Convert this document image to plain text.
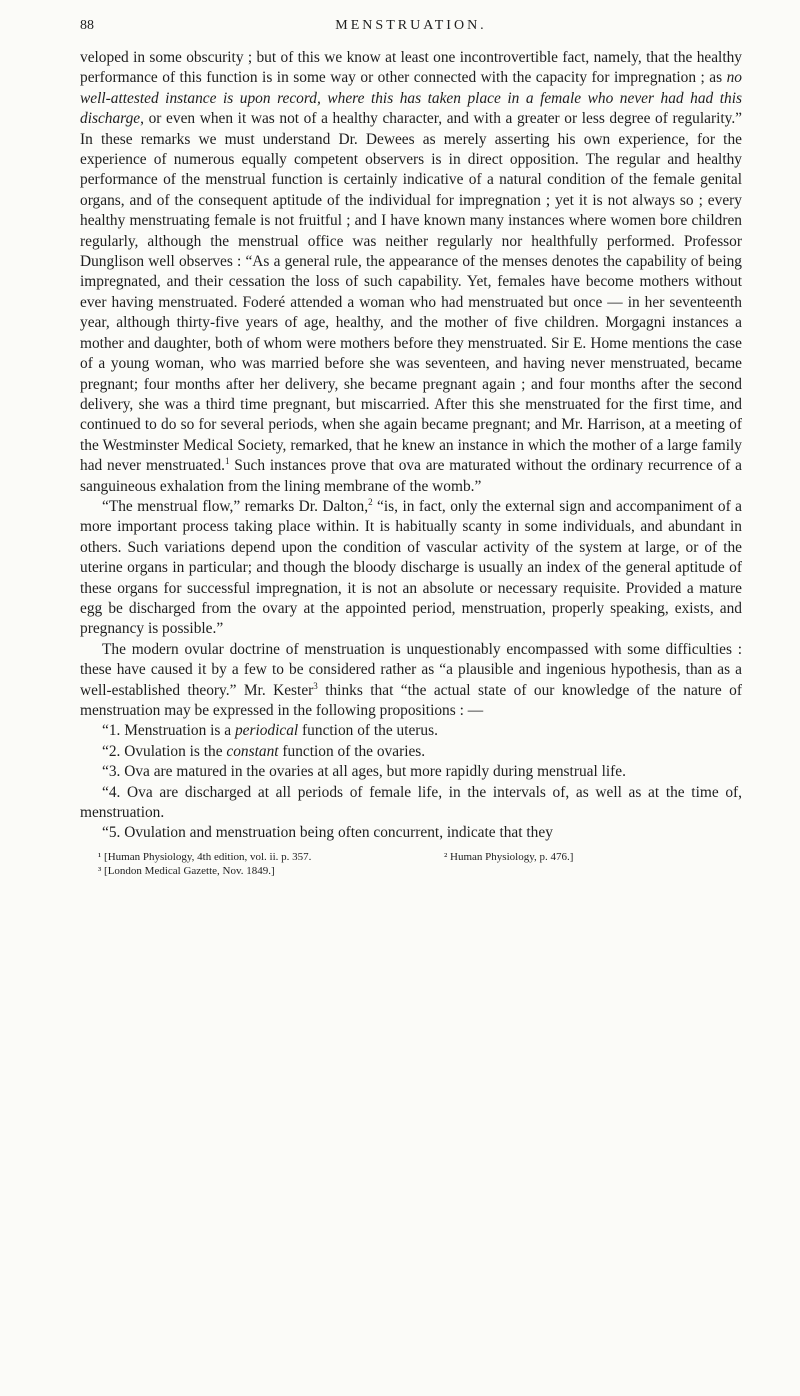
88	MENSTRUATION.

veloped in some obscurity ; but of this we know at least one incontrovertible fact, namely, that the healthy performance of this function is in some way or other connected with the capacity for impregnation ; as no well-attested instance is upon record, where this has taken place in a female who never had had this discharge, or even when it was not of a healthy character, and with a greater or less degree of regularity.” In these remarks we must understand Dr. Dewees as merely asserting his own experience, for the experience of numerous equally competent observers is in direct opposition. The regular and healthy performance of the menstrual function is certainly indicative of a natural condition of the female genital organs, and of the consequent aptitude of the individual for impregnation ; yet it is not always so ; every healthy menstruating female is not fruitful ; and I have known many instances where women bore children regularly, although the menstrual office was neither regularly nor healthfully performed. Professor Dunglison well observes : “As a general rule, the appearance of the menses denotes the capability of being impregnated, and their cessation the loss of such capability. Yet, females have become mothers without ever having menstruated. Foderé attended a woman who had menstruated but once — in her seventeenth year, although thirty-five years of age, healthy, and the mother of five children. Morgagni instances a mother and daughter, both of whom were mothers before they menstruated. Sir E. Home mentions the case of a young woman, who was married before she was seventeen, and having never menstruated, became pregnant; four months after her delivery, she became pregnant again ; and four months after the second delivery, she was a third time pregnant, but miscarried. After this she menstruated for the first time, and continued to do so for several periods, when she again became pregnant; and Mr. Harrison, at a meeting of the Westminster Medical Society, remarked, that he knew an instance in which the mother of a large family had never menstruated.$^1$ Such instances prove that ova are maturated without the ordinary recurrence of a sanguineous exhalation from the lining membrane of the womb.”

“The menstrual flow,” remarks Dr. Dalton,$^2$ “is, in fact, only the external sign and accompaniment of a more important process taking place within. It is habitually scanty in some individuals, and abundant in others. Such variations depend upon the condition of vascular activity of the system at large, or of the uterine organs in particular; and though the bloody discharge is usually an index of the general aptitude of these organs for successful impregnation, it is not an absolute or necessary requisite. Provided a mature egg be discharged from the ovary at the appointed period, menstruation, properly speaking, exists, and pregnancy is possible.”

The modern ovular doctrine of menstruation is unquestionably encompassed with some difficulties : these have caused it by a few to be considered rather as “a plausible and ingenious hypothesis, than as a well-established theory.” Mr. Kester$^3$ thinks that “the actual state of our knowledge of the nature of menstruation may be expressed in the following propositions : —

“1. Menstruation is a periodical function of the uterus.

“2. Ovulation is the constant function of the ovaries.

“3. Ova are matured in the ovaries at all ages, but more rapidly during menstrual life.

“4. Ova are discharged at all periods of female life, in the intervals of, as well as at the time of, menstruation.

“5. Ovulation and menstruation being often concurrent, indicate that they

¹ [Human Physiology, 4th edition, vol. ii. p. 357.	² Human Physiology, p. 476.]
³ [London Medical Gazette, Nov. 1849.]
